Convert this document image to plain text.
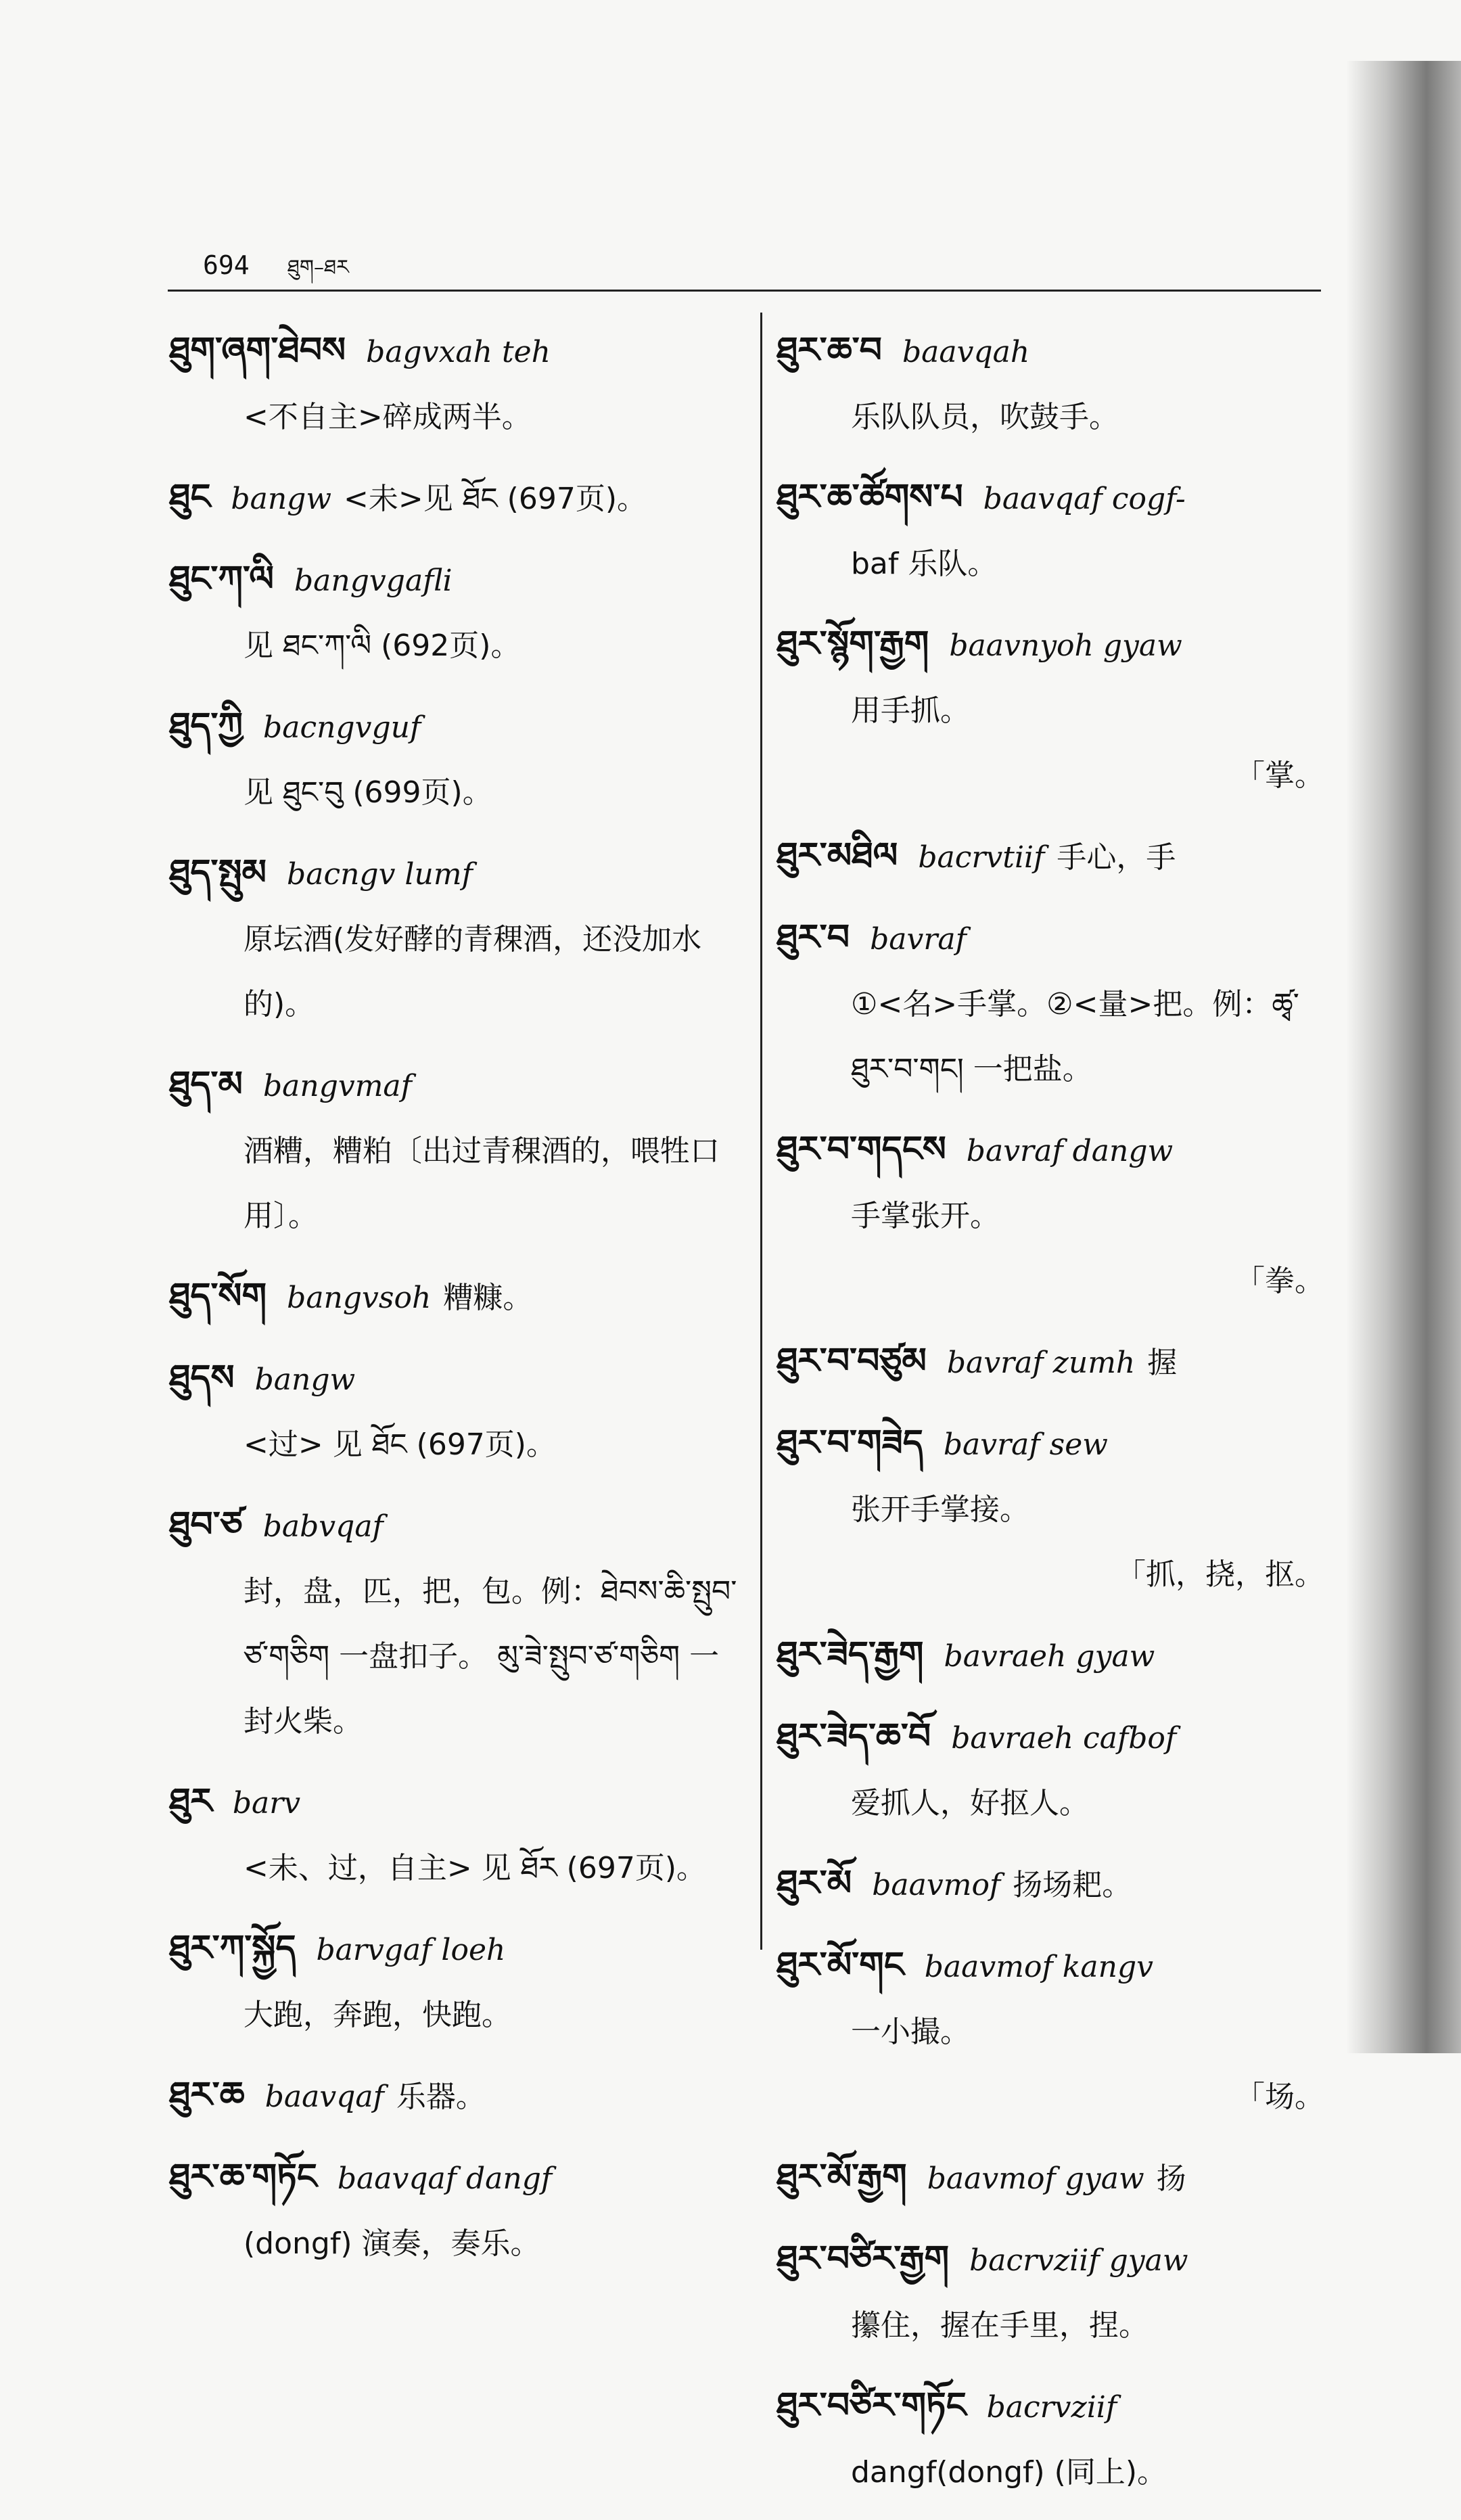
694 ཐུག–ཐར
ཐུག་ཞག་ཐེབས bagvxah teh
<不自主>碎成两半。
ཐུང bangw <未>见 ཐོང (697页)。
ཐུང་ཀ་ལི bangvgafli
见 ཐང་ཀ་ལི (692页)。
ཐུད་ཀྱི bacngvguf
见 ཐུང་བུ (699页)。
ཐུད་སྤུམ bacngv lumf
原坛酒(发好酵的青稞酒，还没加水的)。
ཐུད་མ bangvmaf
酒糟，糟粕〔出过青稞酒的，喂牲口用〕。
ཐུད་སོག bangvsoh 糟糠。
ཐུདས bangw
<过> 见 ཐོང (697页)。
ཐུབ་ཙ babvqaf
封，盘，匹，把，包。例：ཐེབས་ཆི་སྤུབ་ཙ་གཅིག 一盘扣子。 མུ་ཟེ་སྤུབ་ཙ་གཅིག 一封火柴。
ཐུར barv
<未、过，自主> 见 ཐོར (697页)。
ཐུར་ཀ་སྐྱོད barvgaf loeh
大跑，奔跑，快跑。
ཐུར་ཆ baavqaf 乐器。
ཐུར་ཆ་གཏོང baavqaf dangf
(dongf) 演奏，奏乐。
ཐུར་ཆ་བ baavqah
乐队队员，吹鼓手。
ཐུར་ཆ་ཚོགས་པ baavqaf cogf-
baf 乐队。
ཐུར་སྙོག་རྒྱག baavnyoh gyaw
用手抓。
「掌。
ཐུར་མཐིལ bacrvtiif 手心，手
ཐུར་བ bavraf
①<名>手掌。②<量>把。例：ཚྭ་ཐུར་བ་གང། 一把盐。
ཐུར་བ་གདངས bavraf dangw
手掌张开。
「拳。
ཐུར་བ་བཙུམ bavraf zumh 握
ཐུར་བ་གཟེད bavraf sew
张开手掌接。
「抓，挠，抠。
ཐུར་ཟེད་རྒྱག bavraeh gyaw
ཐུར་ཟེད་ཆ་བོ bavraeh cafbof
爱抓人，好抠人。
ཐུར་མོ baavmof 扬场耙。
ཐུར་མོ་གང baavmof kangv
一小撮。
「场。
ཐུར་མོ་རྒྱག baavmof gyaw 扬
ཐུར་བཙིར་རྒྱག bacrvziif gyaw
攥住，握在手里，捏。
ཐུར་བཙིར་གཏོང bacrvziif
dangf(dongf) (同上)。
